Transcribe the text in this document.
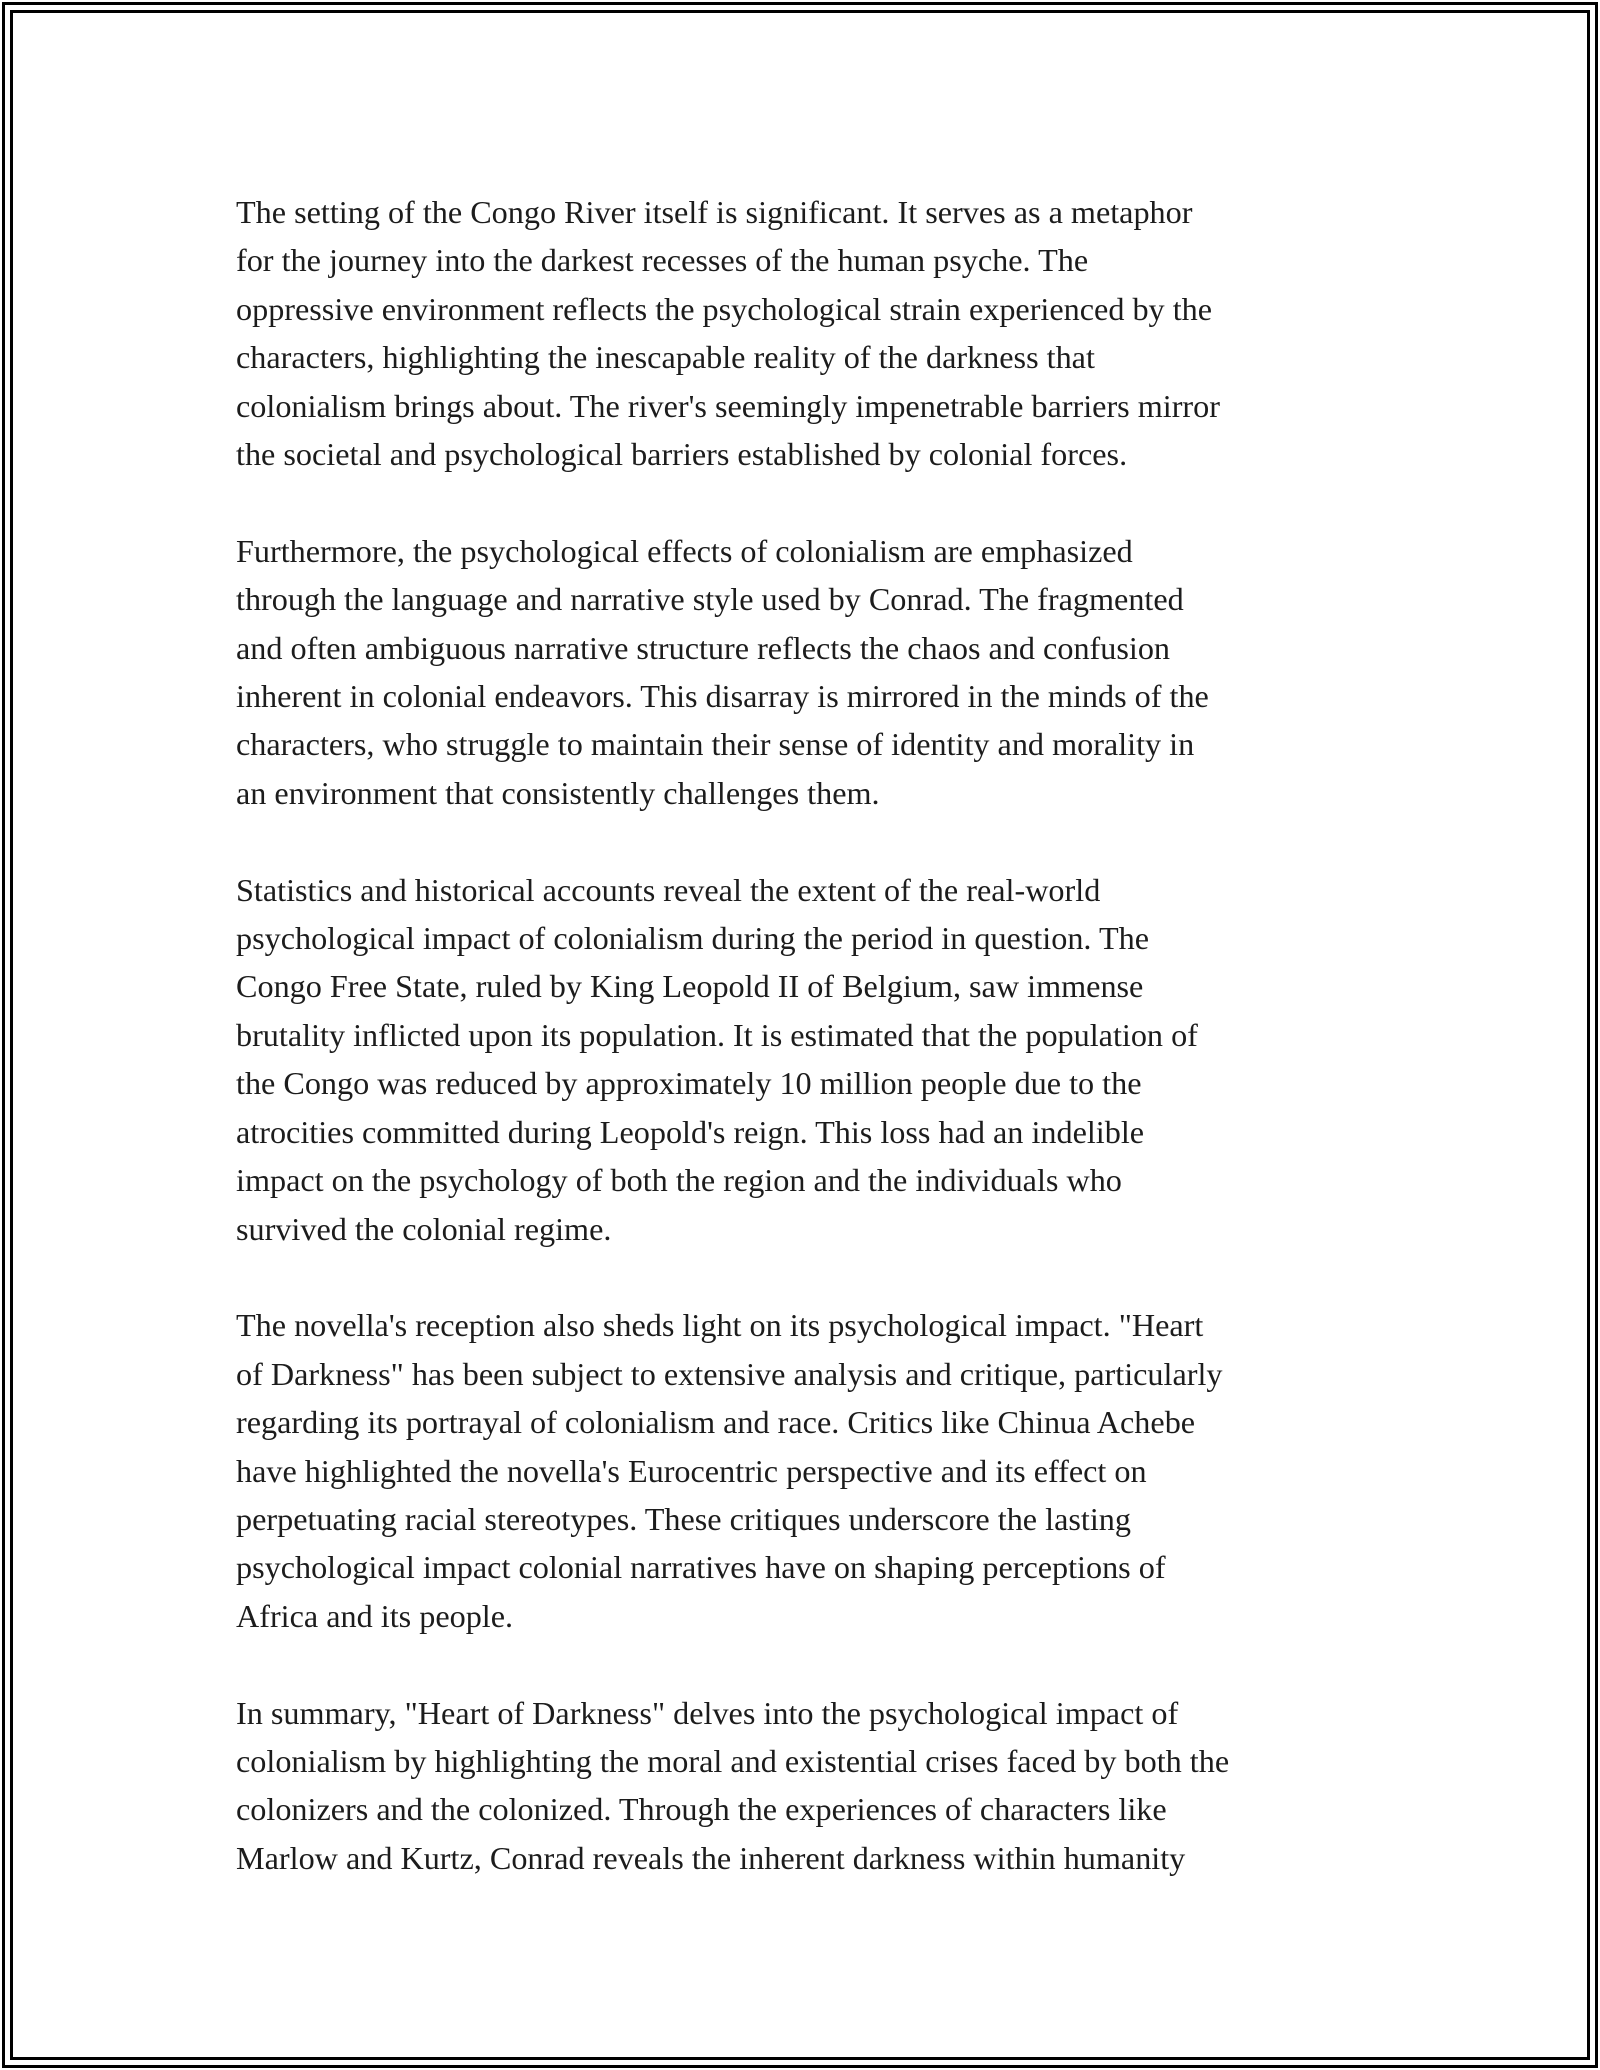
The setting of the Congo River itself is significant. It serves as a metaphor
for the journey into the darkest recesses of the human psyche. The
oppressive environment reflects the psychological strain experienced by the
characters, highlighting the inescapable reality of the darkness that
colonialism brings about. The river's seemingly impenetrable barriers mirror
the societal and psychological barriers established by colonial forces.

Furthermore, the psychological effects of colonialism are emphasized
through the language and narrative style used by Conrad. The fragmented
and often ambiguous narrative structure reflects the chaos and confusion
inherent in colonial endeavors. This disarray is mirrored in the minds of the
characters, who struggle to maintain their sense of identity and morality in
an environment that consistently challenges them.

Statistics and historical accounts reveal the extent of the real-world
psychological impact of colonialism during the period in question. The
Congo Free State, ruled by King Leopold II of Belgium, saw immense
brutality inflicted upon its population. It is estimated that the population of
the Congo was reduced by approximately 10 million people due to the
atrocities committed during Leopold's reign. This loss had an indelible
impact on the psychology of both the region and the individuals who
survived the colonial regime.

The novella's reception also sheds light on its psychological impact. "Heart
of Darkness" has been subject to extensive analysis and critique, particularly
regarding its portrayal of colonialism and race. Critics like Chinua Achebe
have highlighted the novella's Eurocentric perspective and its effect on
perpetuating racial stereotypes. These critiques underscore the lasting
psychological impact colonial narratives have on shaping perceptions of
Africa and its people.

In summary, "Heart of Darkness" delves into the psychological impact of
colonialism by highlighting the moral and existential crises faced by both the
colonizers and the colonized. Through the experiences of characters like
Marlow and Kurtz, Conrad reveals the inherent darkness within humanity
